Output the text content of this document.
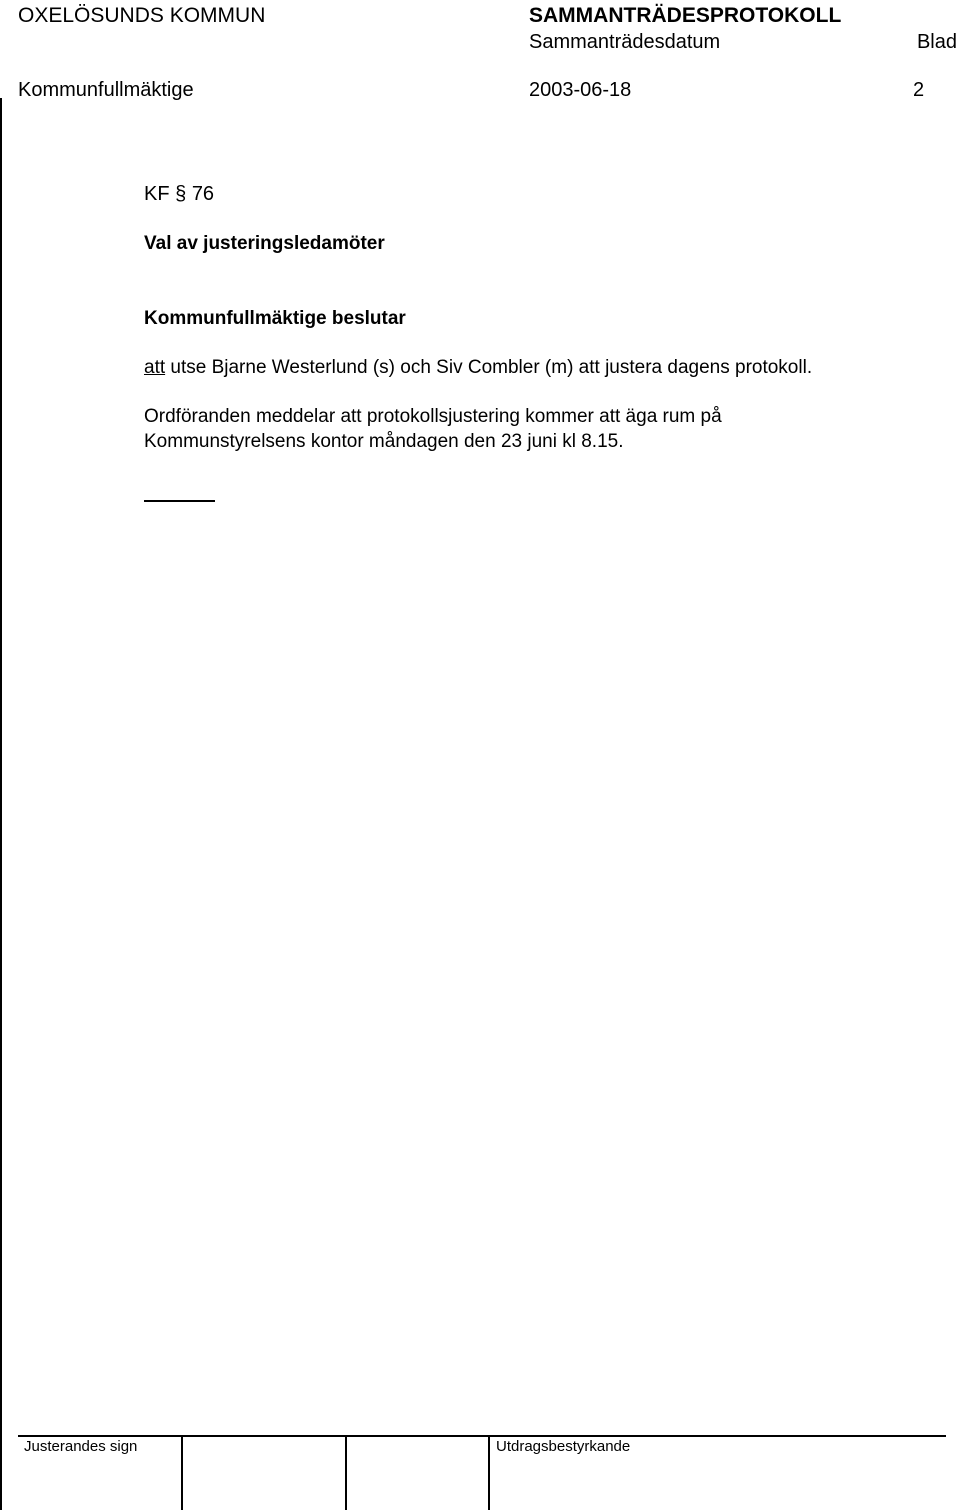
OXELÖSUNDS KOMMUN	SAMMANTRÄDESPROTOKOLL
Sammanträdesdatum	Blad
Kommunfullmäktige	2003-06-18	2
KF § 76
Val av justeringsledamöter
Kommunfullmäktige beslutar
att utse Bjarne Westerlund (s) och Siv Combler (m) att justera dagens protokoll.
Ordföranden meddelar att protokollsjustering kommer att äga rum på
Kommunstyrelsens kontor måndagen den 23 juni kl 8.15.
Justerandes sign	Utdragsbestyrkande
